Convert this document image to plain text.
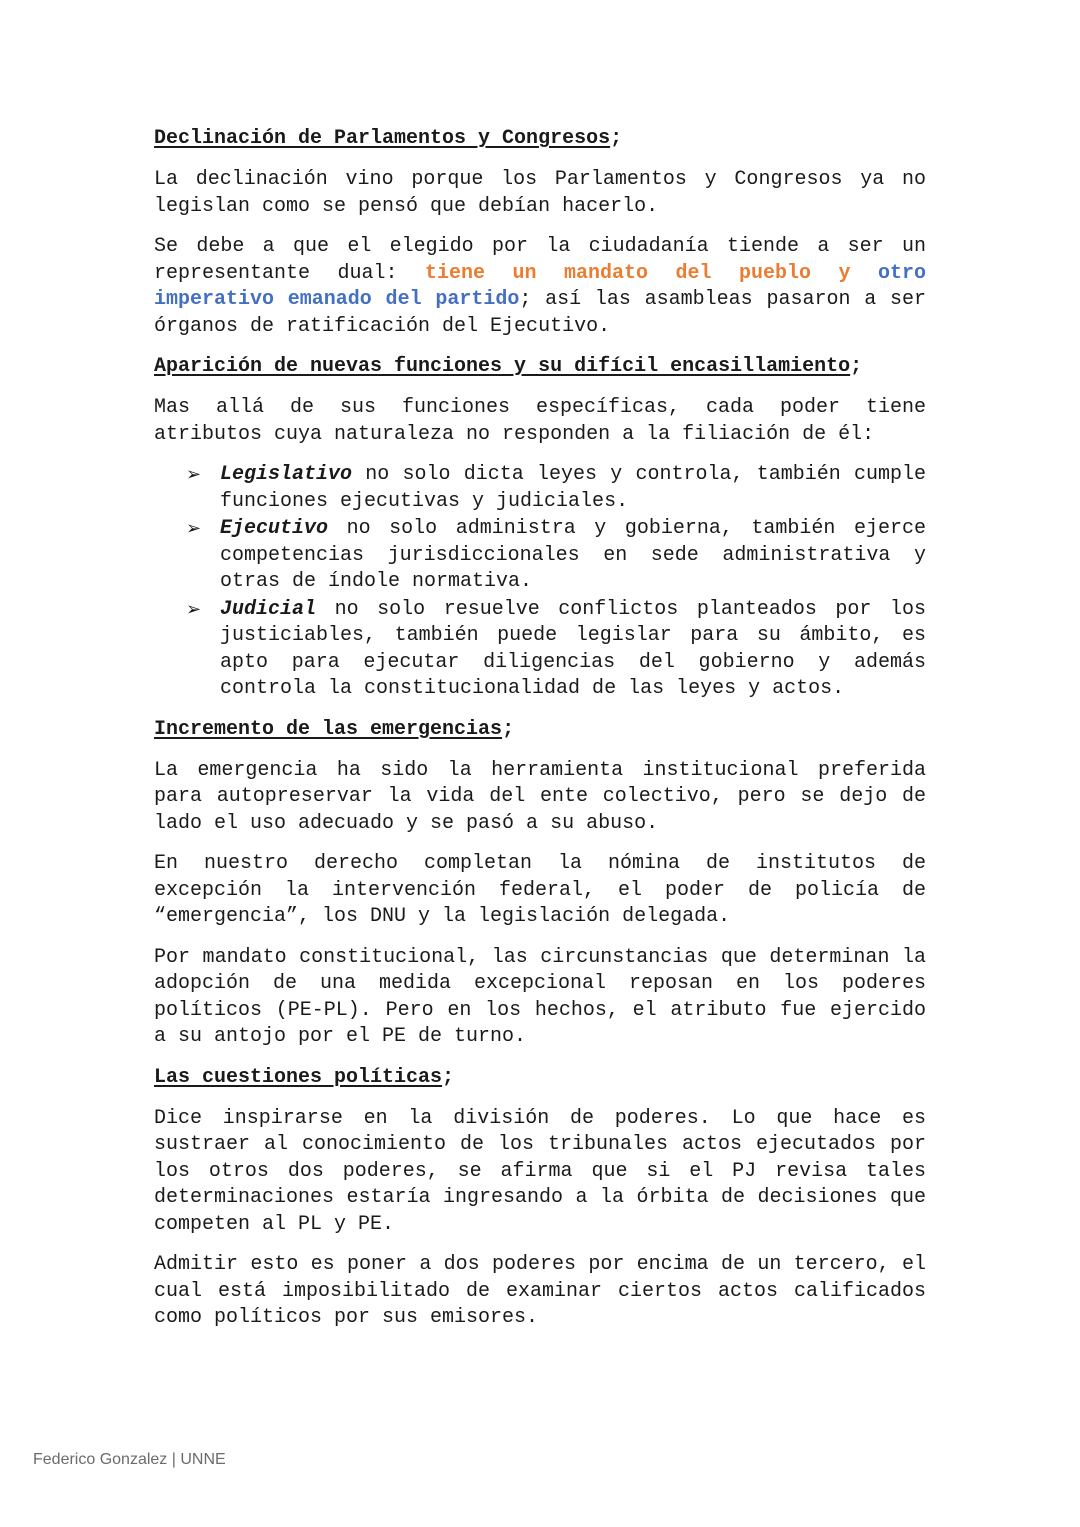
Declinación de Parlamentos y Congresos;

La declinación vino porque los Parlamentos y Congresos ya no legislan como se pensó que debían hacerlo.

Se debe a que el elegido por la ciudadanía tiende a ser un representante dual: tiene un mandato del pueblo y otro imperativo emanado del partido; así las asambleas pasaron a ser órganos de ratificación del Ejecutivo.

Aparición de nuevas funciones y su difícil encasillamiento;

Mas allá de sus funciones específicas, cada poder tiene atributos cuya naturaleza no responden a la filiación de él:

➢ Legislativo no solo dicta leyes y controla, también cumple funciones ejecutivas y judiciales.
➢ Ejecutivo no solo administra y gobierna, también ejerce competencias jurisdiccionales en sede administrativa y otras de índole normativa.
➢ Judicial no solo resuelve conflictos planteados por los justiciables, también puede legislar para su ámbito, es apto para ejecutar diligencias del gobierno y además controla la constitucionalidad de las leyes y actos.
Incremento de las emergencias;

La emergencia ha sido la herramienta institucional preferida para autopreservar la vida del ente colectivo, pero se dejo de lado el uso adecuado y se pasó a su abuso.

En nuestro derecho completan la nómina de institutos de excepción la intervención federal, el poder de policía de “emergencia”, los DNU y la legislación delegada.

Por mandato constitucional, las circunstancias que determinan la adopción de una medida excepcional reposan en los poderes políticos (PE-PL). Pero en los hechos, el atributo fue ejercido a su antojo por el PE de turno.

Las cuestiones políticas;

Dice inspirarse en la división de poderes. Lo que hace es sustraer al conocimiento de los tribunales actos ejecutados por los otros dos poderes, se afirma que si el PJ revisa tales determinaciones estaría ingresando a la órbita de decisiones que competen al PL y PE.

Admitir esto es poner a dos poderes por encima de un tercero, el cual está imposibilitado de examinar ciertos actos calificados como políticos por sus emisores.

Federico Gonzalez | UNNE
